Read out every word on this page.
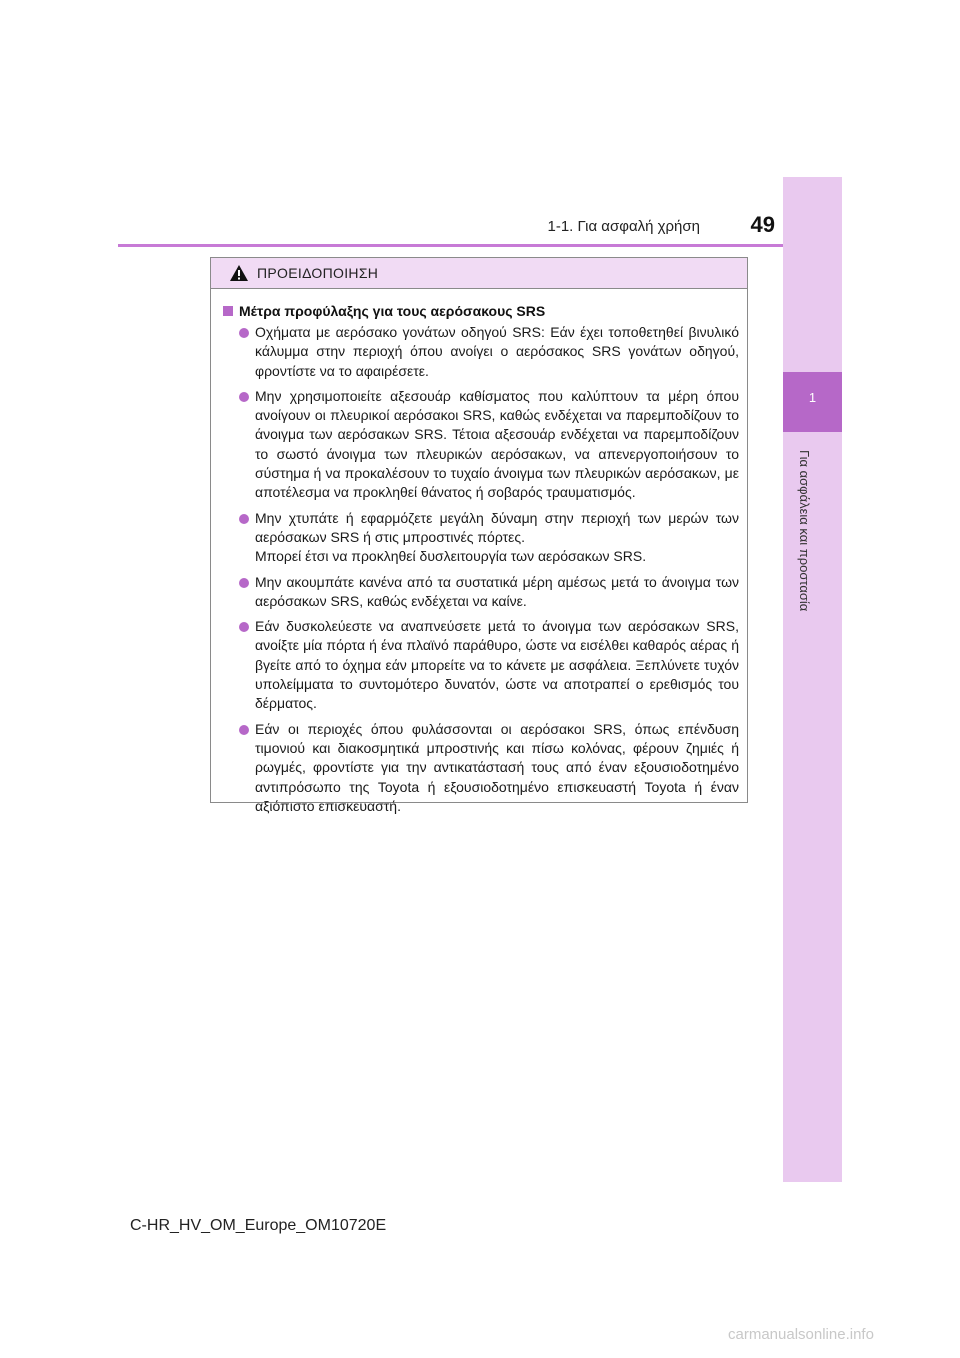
1-1. Για ασφαλή χρήση	49
1
Για ασφάλεια και προστασία
ΠΡΟΕΙΔΟΠΟΙΗΣΗ
Μέτρα προφύλαξης για τους αερόσακους SRS
Οχήματα με αερόσακο γονάτων οδηγού SRS: Εάν έχει τοποθετηθεί βινυλικό κάλυμμα στην περιοχή όπου ανοίγει ο αερόσακος SRS γονάτων οδηγού, φροντίστε να το αφαιρέσετε.
Μην χρησιμοποιείτε αξεσουάρ καθίσματος που καλύπτουν τα μέρη όπου ανοίγουν οι πλευρικοί αερόσακοι SRS, καθώς ενδέχεται να παρεμποδίζουν το άνοιγμα των αερόσακων SRS. Τέτοια αξεσουάρ ενδέχεται να παρεμποδίζουν το σωστό άνοιγμα των πλευρικών αερόσακων, να απενεργοποιήσουν το σύστημα ή να προκαλέσουν το τυχαίο άνοιγμα των πλευρικών αερόσακων, με αποτέλεσμα να προκληθεί θάνατος ή σοβαρός τραυματισμός.
Μην χτυπάτε ή εφαρμόζετε μεγάλη δύναμη στην περιοχή των μερών των αερόσακων SRS ή στις μπροστινές πόρτες.
Μπορεί έτσι να προκληθεί δυσλειτουργία των αερόσακων SRS.
Μην ακουμπάτε κανένα από τα συστατικά μέρη αμέσως μετά το άνοιγμα των αερόσακων SRS, καθώς ενδέχεται να καίνε.
Εάν δυσκολεύεστε να αναπνεύσετε μετά το άνοιγμα των αερόσακων SRS, ανοίξτε μία πόρτα ή ένα πλαϊνό παράθυρο, ώστε να εισέλθει καθαρός αέρας ή βγείτε από το όχημα εάν μπορείτε να το κάνετε με ασφάλεια. Ξεπλύνετε τυχόν υπολείμματα το συντομότερο δυνατόν, ώστε να αποτραπεί ο ερεθισμός του δέρματος.
Εάν οι περιοχές όπου φυλάσσονται οι αερόσακοι SRS, όπως επένδυση τιμονιού και διακοσμητικά μπροστινής και πίσω κολόνας, φέρουν ζημιές ή ρωγμές, φροντίστε για την αντικατάστασή τους από έναν εξουσιοδοτημένο αντιπρόσωπο της Toyota ή εξουσιοδοτημένο επισκευαστή Toyota ή έναν αξιόπιστο επισκευαστή.
C-HR_HV_OM_Europe_OM10720E
carmanualsonline.info
